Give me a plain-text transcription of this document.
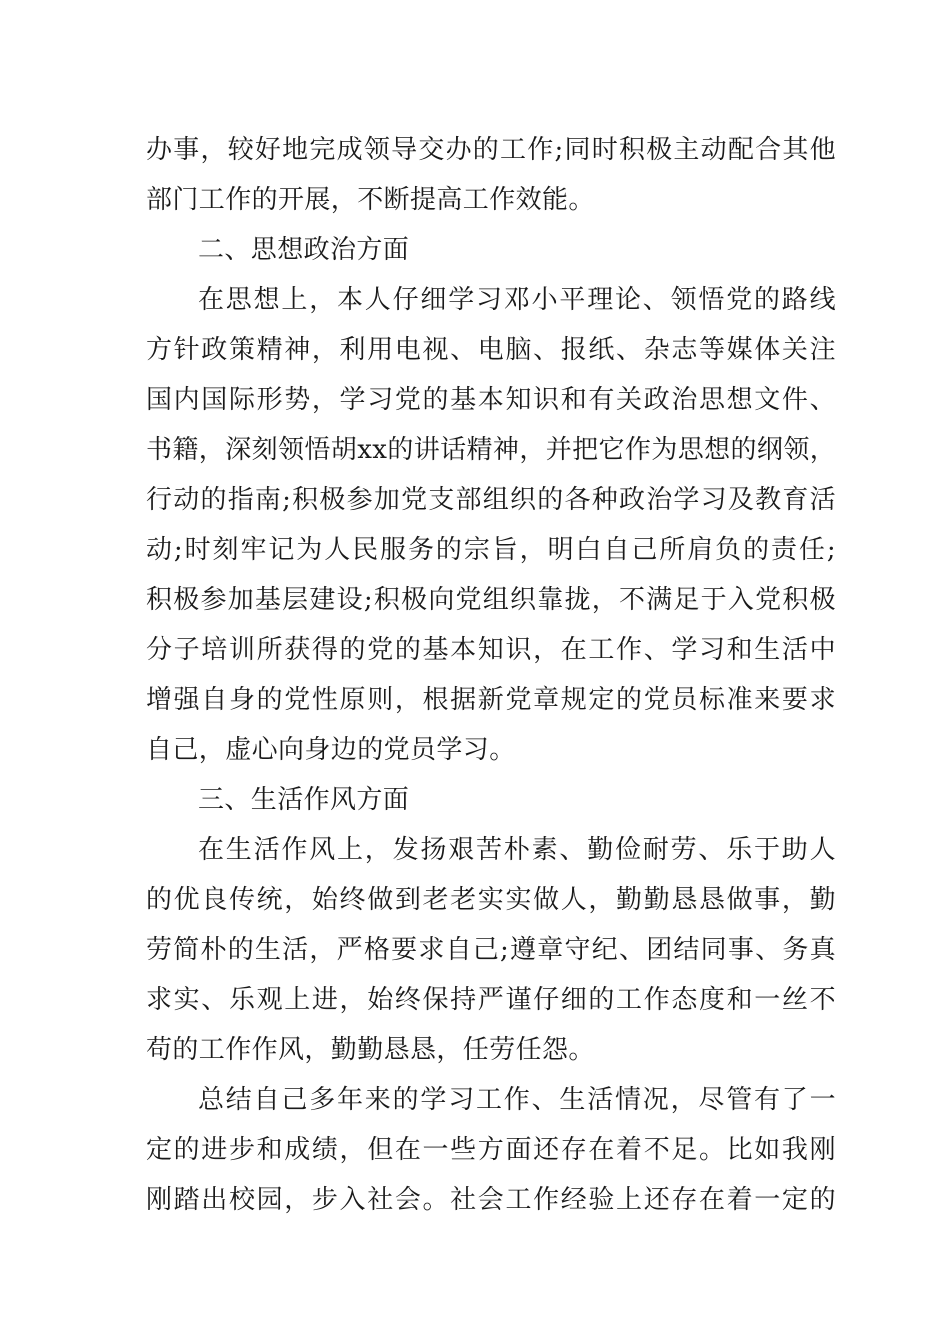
办事，较好地完成领导交办的工作;同时积极主动配合其他
部门工作的开展，不断提高工作效能。
二、思想政治方面
在思想上，本人仔细学习邓小平理论、领悟党的路线
方针政策精神，利用电视、电脑、报纸、杂志等媒体关注
国内国际形势，学习党的基本知识和有关政治思想文件、
书籍，深刻领悟胡xx的讲话精神，并把它作为思想的纲领，
行动的指南;积极参加党支部组织的各种政治学习及教育活
动;时刻牢记为人民服务的宗旨，明白自己所肩负的责任;
积极参加基层建设;积极向党组织靠拢，不满足于入党积极
分子培训所获得的党的基本知识，在工作、学习和生活中
增强自身的党性原则，根据新党章规定的党员标准来要求
自己，虚心向身边的党员学习。
三、生活作风方面
在生活作风上，发扬艰苦朴素、勤俭耐劳、乐于助人
的优良传统，始终做到老老实实做人，勤勤恳恳做事，勤
劳简朴的生活，严格要求自己;遵章守纪、团结同事、务真
求实、乐观上进，始终保持严谨仔细的工作态度和一丝不
苟的工作作风，勤勤恳恳，任劳任怨。
总结自己多年来的学习工作、生活情况，尽管有了一
定的进步和成绩，但在一些方面还存在着不足。比如我刚
刚踏出校园，步入社会。社会工作经验上还存在着一定的
